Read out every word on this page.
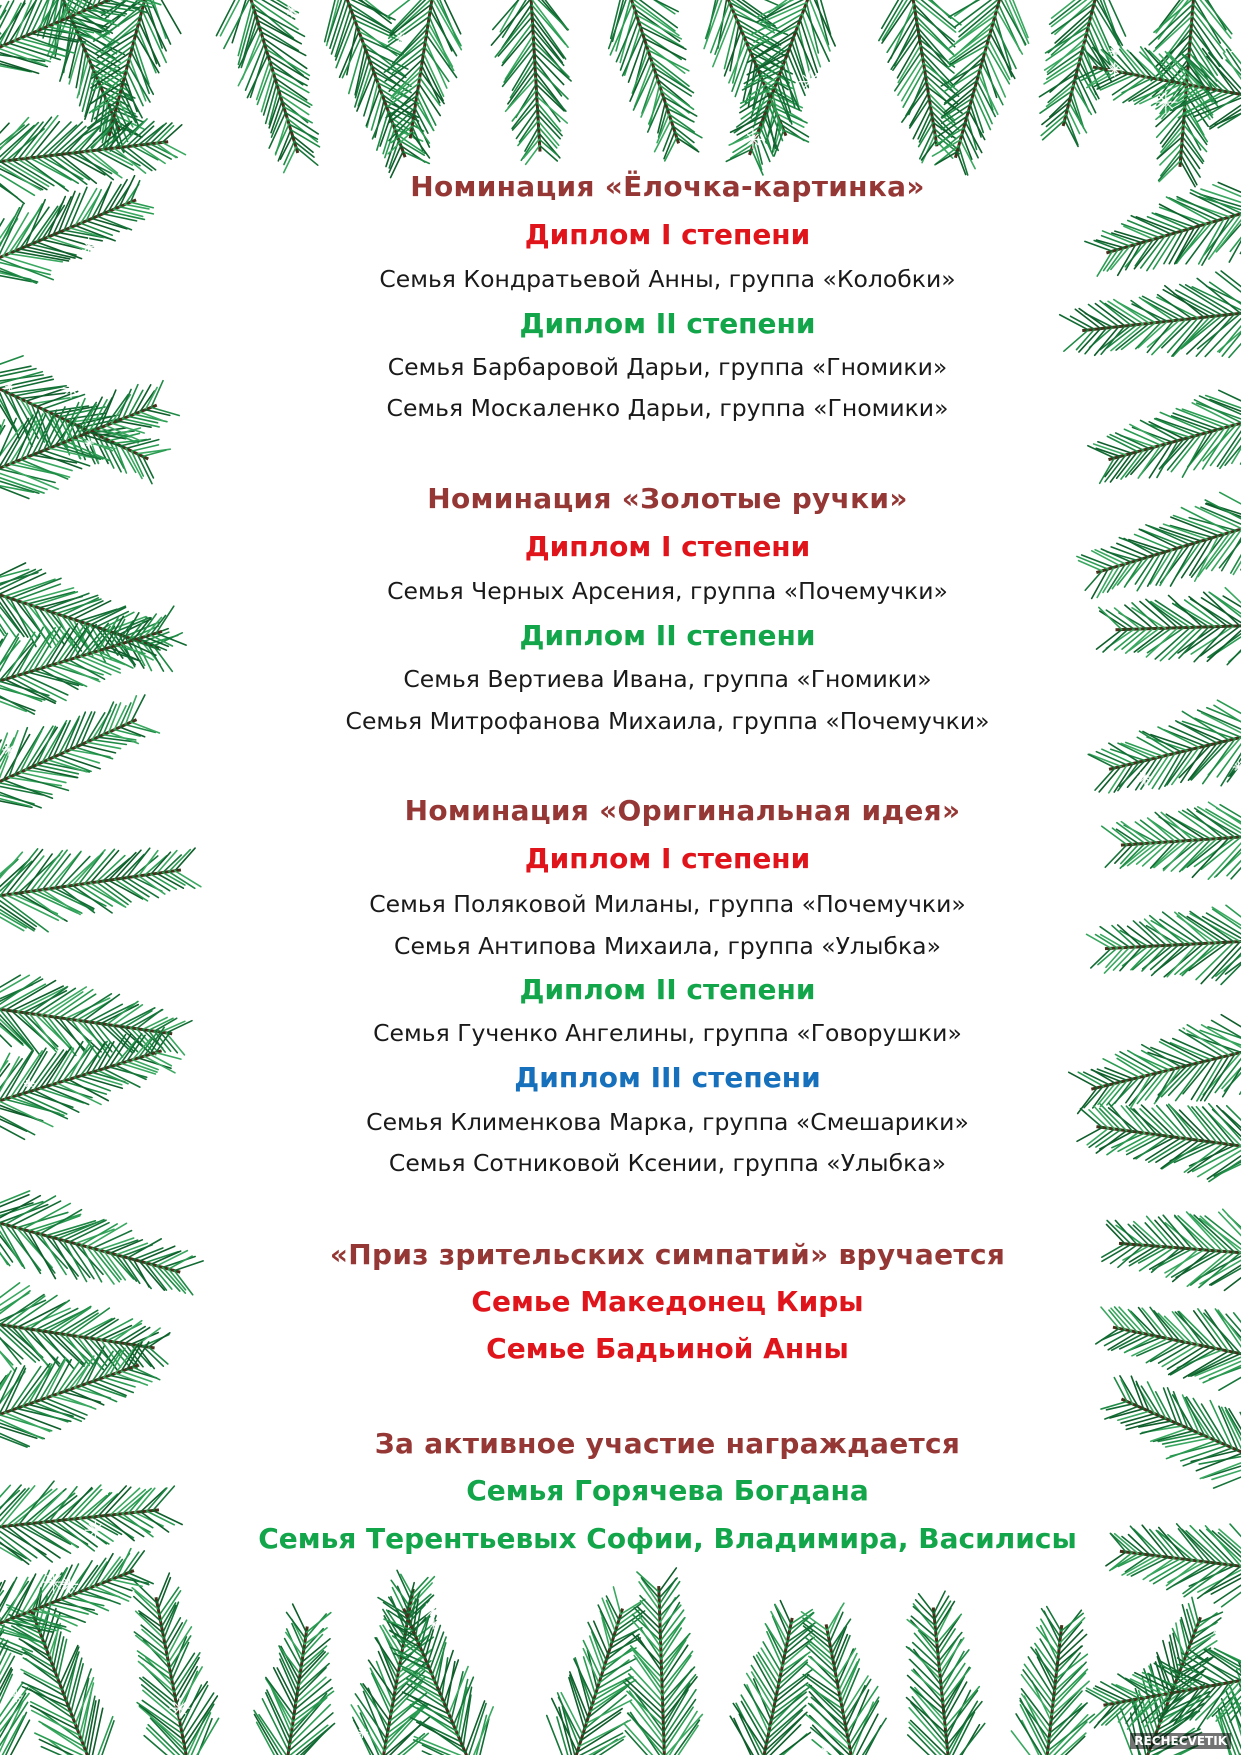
Номинация «Ёлочка-картинка»
Диплом I степени
Семья Кондратьевой Анны, группа «Колобки»
Диплом II степени
Семья Барбаровой Дарьи, группа «Гномики»
Семья Москаленко Дарьи, группа «Гномики»
Номинация «Золотые ручки»
Диплом I степени
Семья Черных Арсения, группа «Почемучки»
Диплом II степени
Семья Вертиева Ивана, группа «Гномики»
Семья Митрофанова Михаила, группа «Почемучки»
Номинация «Оригинальная идея»
Диплом I степени
Семья Поляковой Миланы, группа «Почемучки»
Семья Антипова Михаила, группа «Улыбка»
Диплом II степени
Семья Гученко Ангелины, группа «Говорушки»
Диплом III степени
Семья Клименкова Марка, группа «Смешарики»
Семья Сотниковой Ксении, группа «Улыбка»
«Приз зрительских симпатий» вручается
Семье Македонец Киры
Семье Бадьиной Анны
За активное участие награждается
Семья Горячева Богдана
Семья Терентьевых Софии, Владимира, Василисы
RECHECVETIK
